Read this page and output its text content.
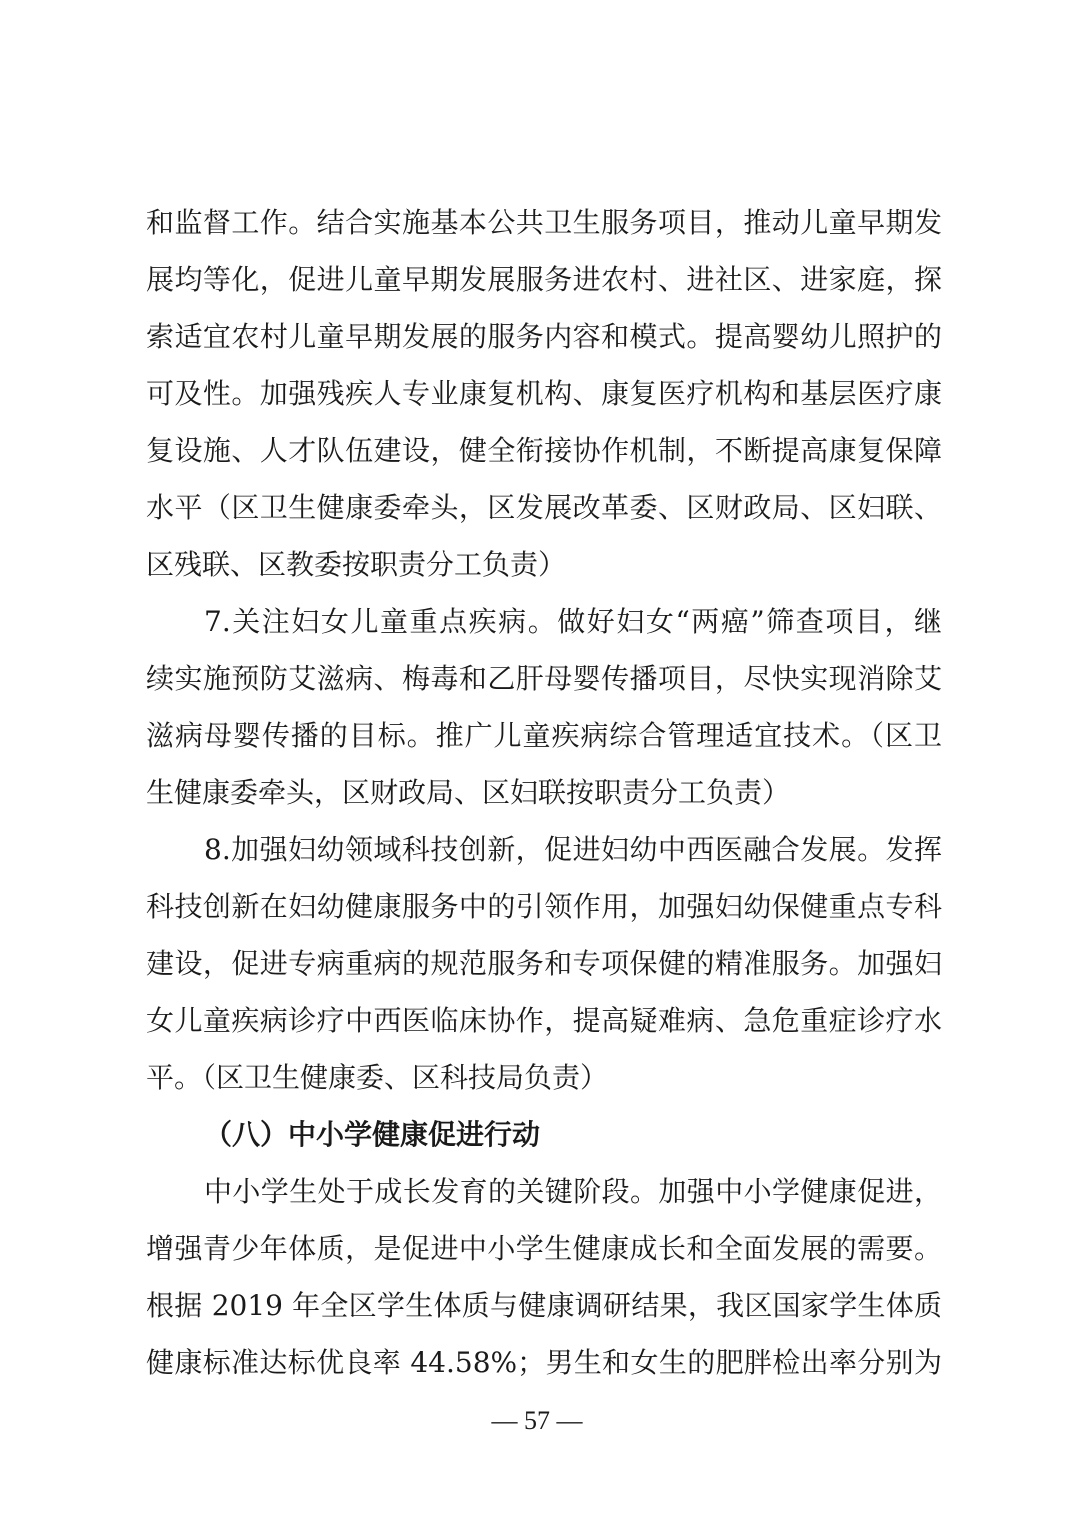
和监督工作。结合实施基本公共卫生服务项目，推动儿童早期发
展均等化，促进儿童早期发展服务进农村、进社区、进家庭，探
索适宜农村儿童早期发展的服务内容和模式。提高婴幼儿照护的
可及性。加强残疾人专业康复机构、康复医疗机构和基层医疗康
复设施、人才队伍建设，健全衔接协作机制，不断提高康复保障
水平（区卫生健康委牵头，区发展改革委、区财政局、区妇联、
区残联、区教委按职责分工负责）
7.关注妇女儿童重点疾病。做好妇女“两癌”筛查项目，继
续实施预防艾滋病、梅毒和乙肝母婴传播项目，尽快实现消除艾
滋病母婴传播的目标。推广儿童疾病综合管理适宜技术。（区卫
生健康委牵头，区财政局、区妇联按职责分工负责）
8.加强妇幼领域科技创新，促进妇幼中西医融合发展。发挥
科技创新在妇幼健康服务中的引领作用，加强妇幼保健重点专科
建设，促进专病重病的规范服务和专项保健的精准服务。加强妇
女儿童疾病诊疗中西医临床协作，提高疑难病、急危重症诊疗水
平。（区卫生健康委、区科技局负责）
（八）中小学健康促进行动
中小学生处于成长发育的关键阶段。加强中小学健康促进，
增强青少年体质，是促进中小学生健康成长和全面发展的需要。
根据 2019 年全区学生体质与健康调研结果，我区国家学生体质
健康标准达标优良率 44.58%；男生和女生的肥胖检出率分别为
— 57 —
